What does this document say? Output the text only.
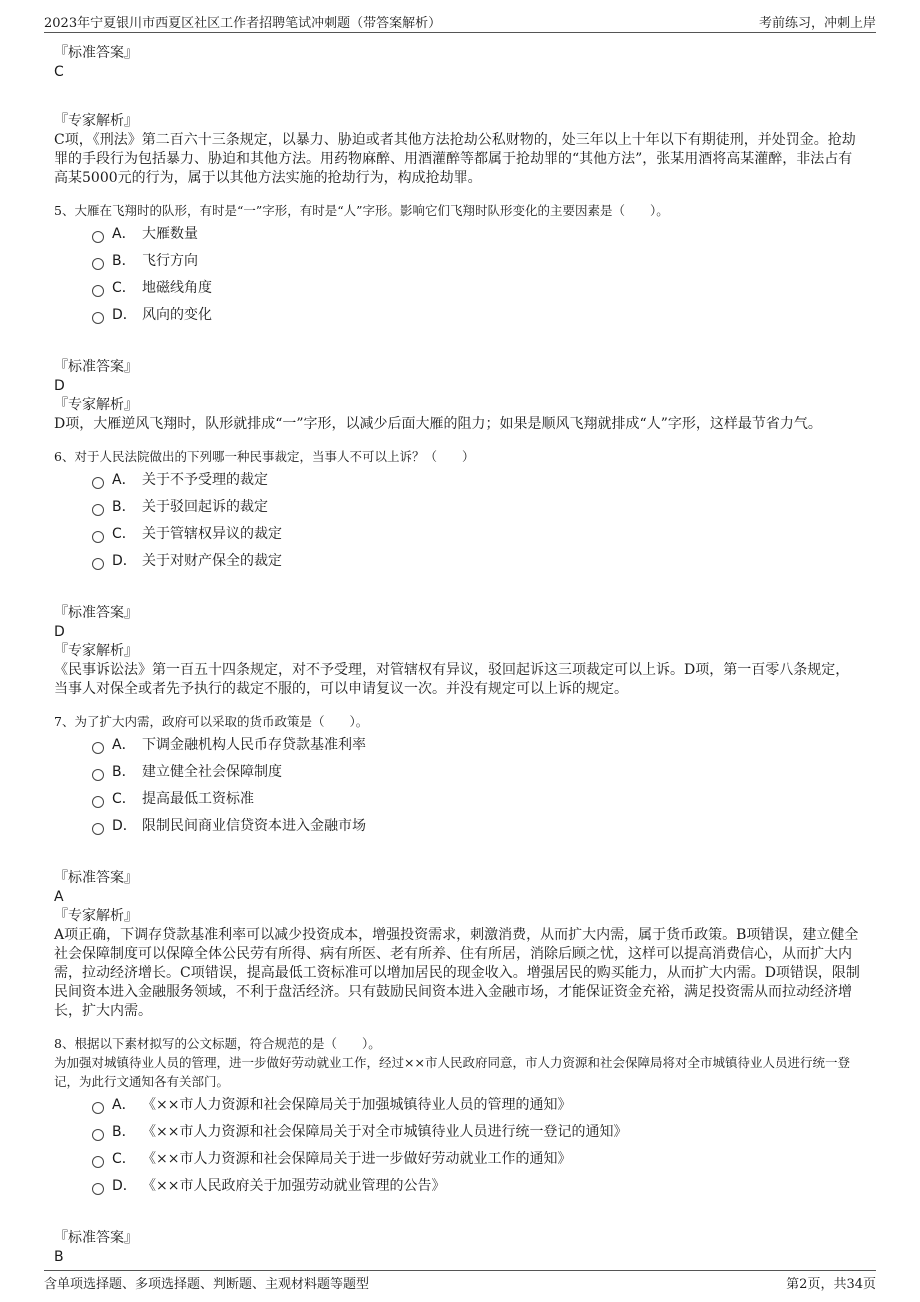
2023年宁夏银川市西夏区社区工作者招聘笔试冲刺题（带答案解析）	考前练习，冲刺上岸
『标准答案』
C
『专家解析』
C项，《刑法》第二百六十三条规定，以暴力、胁迫或者其他方法抢劫公私财物的，处三年以上十年以下有期徒刑，并处罚金。抢劫罪的手段行为包括暴力、胁迫和其他方法。用药物麻醉、用酒灌醉等都属于抢劫罪的“其他方法”，张某用酒将高某灌醉，非法占有高某5000元的行为，属于以其他方法实施的抢劫行为，构成抢劫罪。
5、大雁在飞翔时的队形，有时是“一”字形，有时是“人”字形。影响它们飞翔时队形变化的主要因素是（　　）。
A． 大雁数量
B． 飞行方向
C． 地磁线角度
D． 风向的变化
『标准答案』
D
『专家解析』
D项，大雁逆风飞翔时，队形就排成“一”字形，以减少后面大雁的阻力；如果是顺风飞翔就排成“人”字形，这样最节省力气。
6、对于人民法院做出的下列哪一种民事裁定，当事人不可以上诉？（　　）
A． 关于不予受理的裁定
B． 关于驳回起诉的裁定
C． 关于管辖权异议的裁定
D． 关于对财产保全的裁定
『标准答案』
D
『专家解析』
《民事诉讼法》第一百五十四条规定，对不予受理，对管辖权有异议，驳回起诉这三项裁定可以上诉。D项，第一百零八条规定，当事人对保全或者先予执行的裁定不服的，可以申请复议一次。并没有规定可以上诉的规定。
7、为了扩大内需，政府可以采取的货币政策是（　　）。
A． 下调金融机构人民币存贷款基准利率
B． 建立健全社会保障制度
C． 提高最低工资标准
D． 限制民间商业信贷资本进入金融市场
『标准答案』
A
『专家解析』
A项正确，下调存贷款基准利率可以减少投资成本，增强投资需求，刺激消费，从而扩大内需，属于货币政策。B项错误，建立健全社会保障制度可以保障全体公民劳有所得、病有所医、老有所养、住有所居，消除后顾之忧，这样可以提高消费信心，从而扩大内需，拉动经济增长。C项错误，提高最低工资标准可以增加居民的现金收入。增强居民的购买能力，从而扩大内需。D项错误，限制民间资本进入金融服务领域，不利于盘活经济。只有鼓励民间资本进入金融市场，才能保证资金充裕，满足投资需从而拉动经济增长，扩大内需。
8、根据以下素材拟写的公文标题，符合规范的是（　　）。
为加强对城镇待业人员的管理，进一步做好劳动就业工作，经过××市人民政府同意，市人力资源和社会保障局将对全市城镇待业人员进行统一登记，为此行文通知各有关部门。
A． 《××市人力资源和社会保障局关于加强城镇待业人员的管理的通知》
B． 《××市人力资源和社会保障局关于对全市城镇待业人员进行统一登记的通知》
C． 《××市人力资源和社会保障局关于进一步做好劳动就业工作的通知》
D． 《××市人民政府关于加强劳动就业管理的公告》
『标准答案』
B
含单项选择题、多项选择题、判断题、主观材料题等题型	第2页，共34页
